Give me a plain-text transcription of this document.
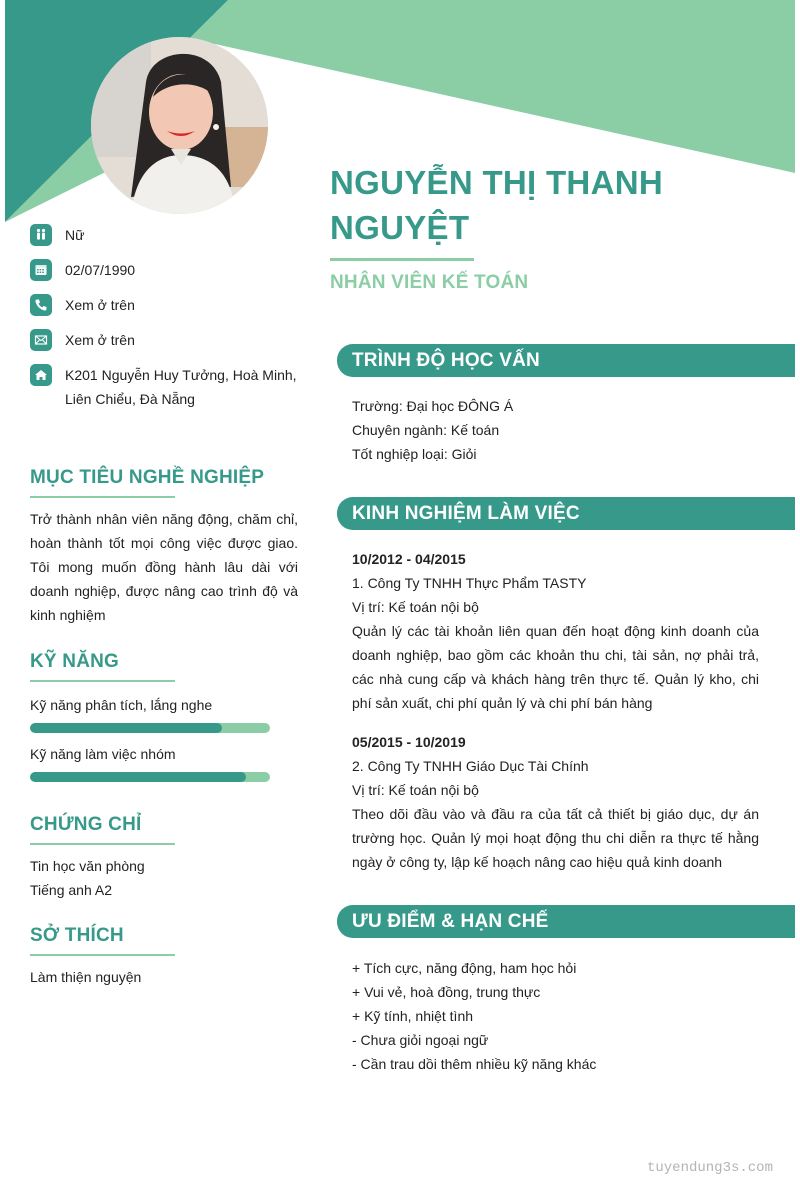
Nữ
02/07/1990
Xem ở trên
Xem ở trên
K201 Nguyễn Huy Tưởng, Hoà Minh, Liên Chiểu, Đà Nẵng
NGUYỄN THỊ THANH
NGUYỆT
NHÂN VIÊN KẾ TOÁN
MỤC TIÊU NGHỀ NGHIỆP
Trở thành nhân viên năng động, chăm chỉ, hoàn thành tốt mọi công việc được giao. Tôi mong muốn đồng hành lâu dài với doanh nghiệp, được nâng cao trình độ và kinh nghiệm
KỸ NĂNG
Kỹ năng phân tích, lắng nghe
Kỹ năng làm việc nhóm
CHỨNG CHỈ
Tin học văn phòng
Tiếng anh A2
SỞ THÍCH
Làm thiện nguyện
TRÌNH ĐỘ HỌC VẤN
Trường: Đại học ĐÔNG Á
Chuyên ngành: Kế toán
Tốt nghiệp loại: Giỏi
KINH NGHIỆM LÀM VIỆC
10/2012 - 04/2015
1. Công Ty TNHH Thực Phẩm TASTY
Vị trí: Kế toán nội bộ
Quản lý các tài khoản liên quan đến hoạt động kinh doanh của doanh nghiệp, bao gồm các khoản thu chi, tài sản, nợ phải trả, các nhà cung cấp và khách hàng trên thực tế. Quản lý kho, chi phí sản xuất, chi phí quản lý và chi phí bán hàng
05/2015 - 10/2019
2. Công Ty TNHH Giáo Dục Tài Chính
Vị trí: Kế toán nội bộ
Theo dõi đầu vào và đầu ra của tất cả thiết bị giáo dục, dự án trường học. Quản lý mọi hoạt động thu chi diễn ra thực tế hằng ngày ở công ty, lập kế hoạch nâng cao hiệu quả kinh doanh
ƯU ĐIỂM & HẠN CHẾ
+ Tích cực, năng động, ham học hỏi
+ Vui vẻ, hoà đồng, trung thực
+ Kỹ tính, nhiệt tình
- Chưa giỏi ngoại ngữ
- Cần trau dồi thêm nhiều kỹ năng khác
tuyendung3s.com
